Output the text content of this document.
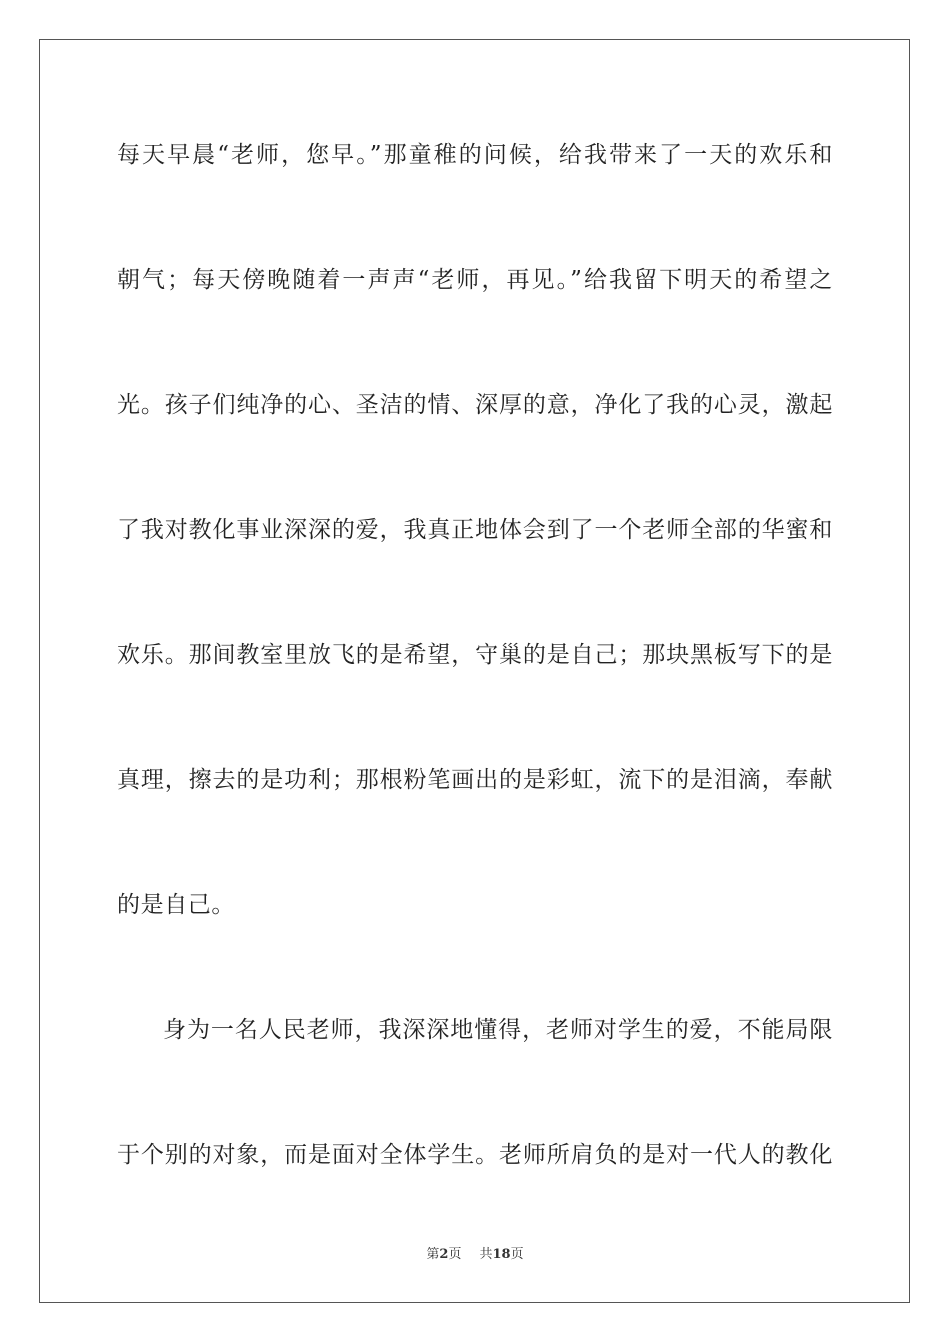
每天早晨“老师，您早。”那童稚的问候，给我带来了一天的欢乐和
朝气；每天傍晚随着一声声“老师，再见。”给我留下明天的希望之
光。孩子们纯净的心、圣洁的情、深厚的意，净化了我的心灵，激起
了我对教化事业深深的爱，我真正地体会到了一个老师全部的华蜜和
欢乐。那间教室里放飞的是希望，守巢的是自己；那块黑板写下的是
真理，擦去的是功利；那根粉笔画出的是彩虹，流下的是泪滴，奉献
的是自己。
身为一名人民老师，我深深地懂得，老师对学生的爱，不能局限
于个别的对象，而是面对全体学生。老师所肩负的是对一代人的教化
第2页 共18页
